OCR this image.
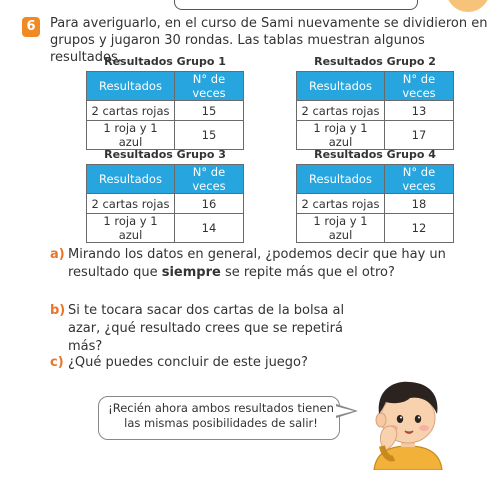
6	Para averiguarlo, en el curso de Sami nuevamente se dividieron en grupos y jugaron 30 rondas. Las tablas muestran algunos resultados.

Resultados Grupo 1
Resultados	N° de veces
2 cartas rojas	15
1 roja y 1 azul	15
Resultados Grupo 2
Resultados	N° de veces
2 cartas rojas	13
1 roja y 1 azul	17
Resultados Grupo 3
Resultados	N° de veces
2 cartas rojas	16
1 roja y 1 azul	14
Resultados Grupo 4
Resultados	N° de veces
2 cartas rojas	18
1 roja y 1 azul	12

a) Mirando los datos en general, ¿podemos decir que hay un resultado que siempre se repite más que el otro?

b) Si te tocara sacar dos cartas de la bolsa al azar, ¿qué resultado crees que se repetirá más?

c) ¿Qué puedes concluir de este juego?

¡Recién ahora ambos resultados tienen las mismas posibilidades de salir!
